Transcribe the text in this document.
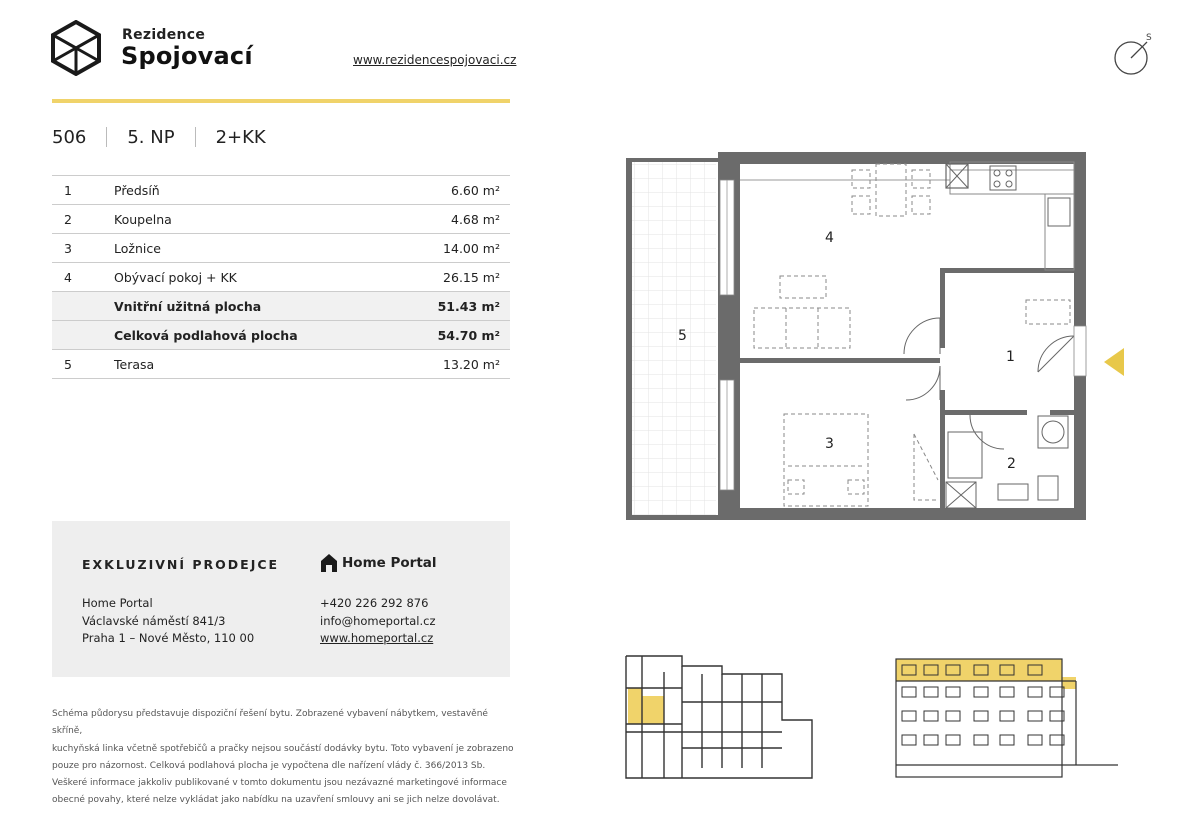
Rezidence
Spojovací	www.rezidencespojovaci.cz
506 5. NP 2+KK
1	Předsíň	6.60 m²
2	Koupelna	4.68 m²
3	Ložnice	14.00 m²
4	Obývací pokoj + KK	26.15 m²
	Vnitřní užitná plocha	51.43 m²
	Celková podlahová plocha	54.70 m²
5	Terasa	13.20 m²
EXKLUZIVNÍ PRODEJCE
Home Portal
Václavské náměstí 841/3
Praha 1 – Nové Město, 110 00
Home Portal
+420 226 292 876
info@homeportal.cz
www.homeportal.cz
Schéma půdorysu představuje dispoziční řešení bytu. Zobrazené vybavení nábytkem, vestavěné skříně,
kuchyňská linka včetně spotřebičů a pračky nejsou součástí dodávky bytu. Toto vybavení je zobrazeno
pouze pro názornost. Celková podlahová plocha je vypočtena dle nařízení vlády č. 366/2013 Sb.
Veškeré informace jakkoliv publikované v tomto dokumentu jsou nezávazné marketingové informace
obecné povahy, které nelze vykládat jako nabídku na uzavření smlouvy ani se jich nelze dovolávat.
S
4
5
1
3
2
